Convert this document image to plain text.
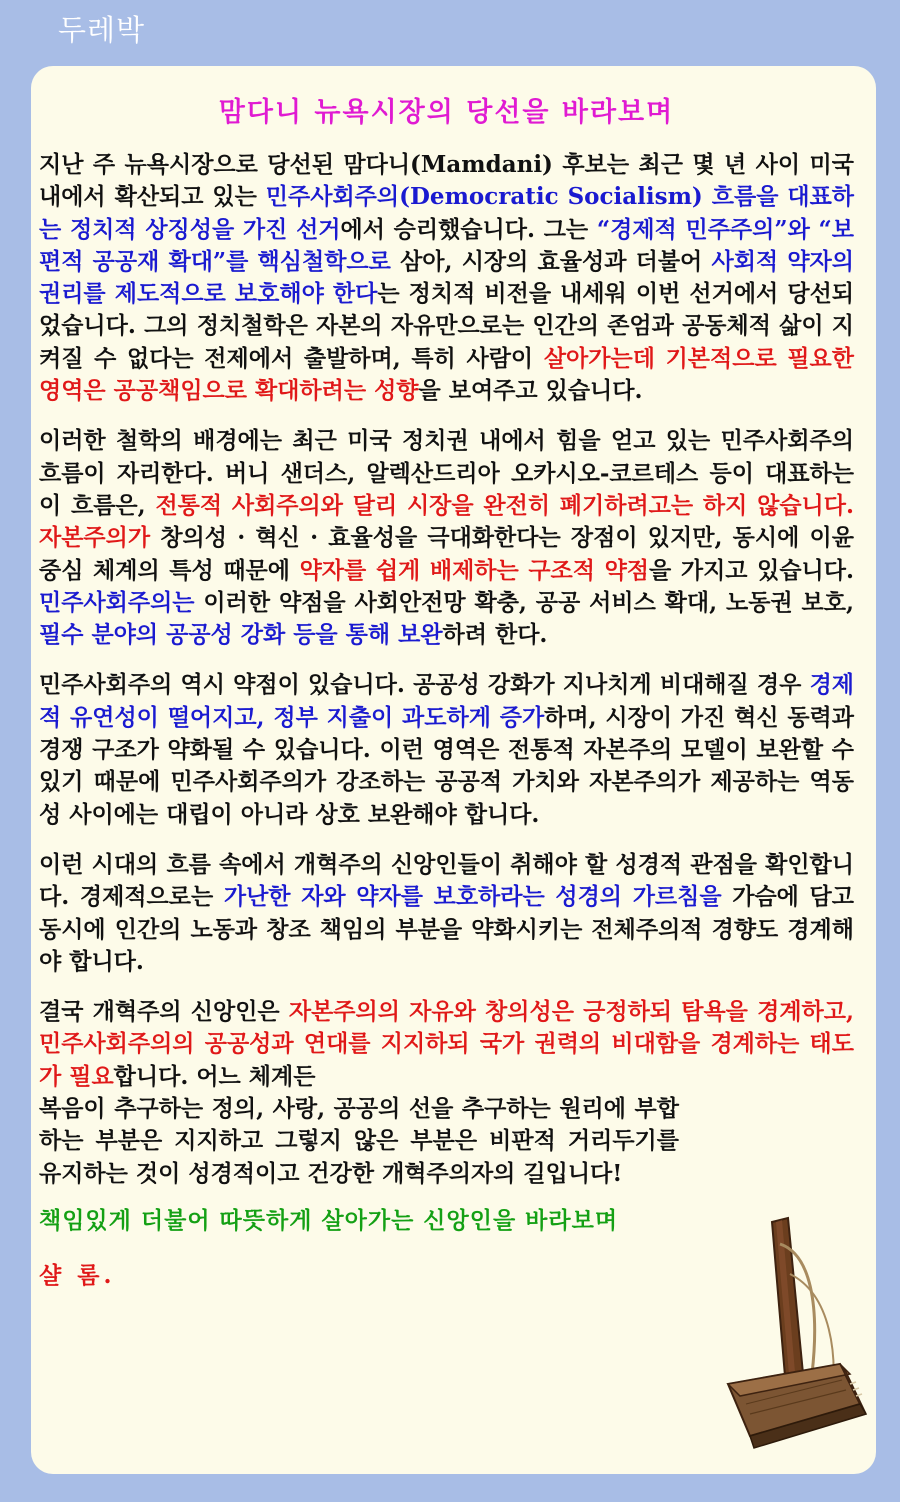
두레박
맘다니 뉴욕시장의 당선을 바라보며
지난 주 뉴욕시장으로 당선된 맘다니(Mamdani) 후보는 최근 몇 년 사이 미국 내에서 확산되고 있는 민주사회주의(Democratic Socialism) 흐름을 대표하는 정치적 상징성을 가진 선거에서 승리했습니다. 그는 “경제적 민주주의”와 “보편적 공공재 확대”를 핵심철학으로 삼아, 시장의 효율성과 더불어 사회적 약자의 권리를 제도적으로 보호해야 한다는 정치적 비전을 내세워 이번 선거에서 당선되었습니다. 그의 정치철학은 자본의 자유만으로는 인간의 존엄과 공동체적 삶이 지켜질 수 없다는 전제에서 출발하며, 특히 사람이 살아가는데 기본적으로 필요한 영역은 공공책임으로 확대하려는 성향을 보여주고 있습니다.
이러한 철학의 배경에는 최근 미국 정치권 내에서 힘을 얻고 있는 민주사회주의 흐름이 자리한다. 버니 샌더스, 알렉산드리아 오카시오-코르테스 등이 대표하는 이 흐름은, 전통적 사회주의와 달리 시장을 완전히 폐기하려고는 하지 않습니다. 자본주의가 창의성 · 혁신 · 효율성을 극대화한다는 장점이 있지만, 동시에 이윤중심 체계의 특성 때문에 약자를 쉽게 배제하는 구조적 약점을 가지고 있습니다. 민주사회주의는 이러한 약점을 사회안전망 확충, 공공 서비스 확대, 노동권 보호, 필수 분야의 공공성 강화 등을 통해 보완하려 한다.
민주사회주의 역시 약점이 있습니다. 공공성 강화가 지나치게 비대해질 경우 경제적 유연성이 떨어지고, 정부 지출이 과도하게 증가하며, 시장이 가진 혁신 동력과 경쟁 구조가 약화될 수 있습니다. 이런 영역은 전통적 자본주의 모델이 보완할 수 있기 때문에 민주사회주의가 강조하는 공공적 가치와 자본주의가 제공하는 역동성 사이에는 대립이 아니라 상호 보완해야 합니다.
이런 시대의 흐름 속에서 개혁주의 신앙인들이 취해야 할 성경적 관점을 확인합니다. 경제적으로는 가난한 자와 약자를 보호하라는 성경의 가르침을 가슴에 담고 동시에 인간의 노동과 창조 책임의 부분을 약화시키는 전체주의적 경향도 경계해야 합니다.
결국 개혁주의 신앙인은 자본주의의 자유와 창의성은 긍정하되 탐욕을 경계하고, 민주사회주의의 공공성과 연대를 지지하되 국가 권력의 비대함을 경계하는 태도가 필요합니다. 어느 체계든
복음이 추구하는 정의, 사랑, 공공의 선을 추구하는 원리에 부합하는 부분은 지지하고 그렇지 않은 부분은 비판적 거리두기를 유지하는 것이 성경적이고 건강한 개혁주의자의 길입니다!
책임있게 더불어 따뜻하게 살아가는 신앙인을 바라보며
샬 롬.
